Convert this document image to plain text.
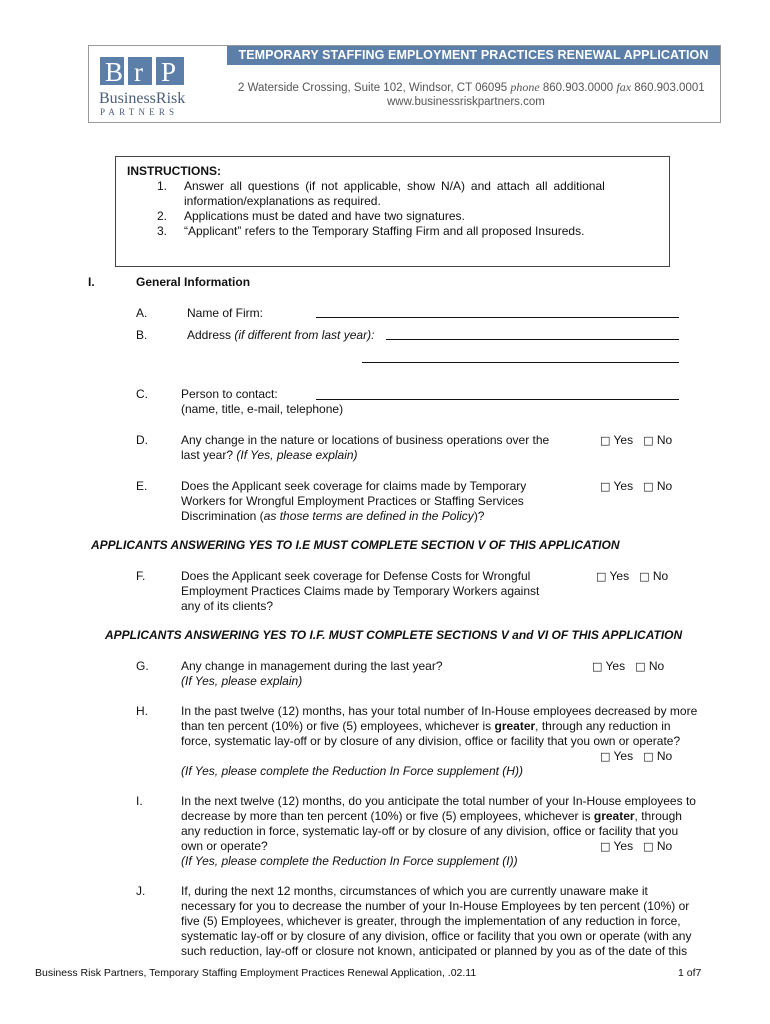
TEMPORARY STAFFING EMPLOYMENT PRACTICES RENEWAL APPLICATION
B r P
BusinessRisk
PARTNERS
2 Waterside Crossing, Suite 102, Windsor, CT 06095 phone 860.903.0000 fax 860.903.0001
www.businessriskpartners.com
INSTRUCTIONS:
1. Answer all questions (if not applicable, show N/A) and attach all additional
information/explanations as required.
2. Applications must be dated and have two signatures.
3. “Applicant” refers to the Temporary Staffing Firm and all proposed Insureds.
I.	General Information
A.	Name of Firm:
B.	Address (if different from last year):
C.	Person to contact:
(name, title, e-mail, telephone)
D.	Any change in the nature or locations of business operations over the
last year? (If Yes, please explain)
□ Yes □ No
E.	Does the Applicant seek coverage for claims made by Temporary
Workers for Wrongful Employment Practices or Staffing Services
Discrimination (as those terms are defined in the Policy)?
□ Yes □ No
APPLICANTS ANSWERING YES TO I.E MUST COMPLETE SECTION V OF THIS APPLICATION
F.	Does the Applicant seek coverage for Defense Costs for Wrongful
Employment Practices Claims made by Temporary Workers against
any of its clients?
□ Yes □ No
APPLICANTS ANSWERING YES TO I.F. MUST COMPLETE SECTIONS V and VI OF THIS APPLICATION
G.	Any change in management during the last year?
(If Yes, please explain)
□ Yes □ No
H.	In the past twelve (12) months, has your total number of In-House employees decreased by more
than ten percent (10%) or five (5) employees, whichever is greater, through any reduction in
force, systematic lay-off or by closure of any division, office or facility that you own or operate?
□ Yes □ No
(If Yes, please complete the Reduction In Force supplement (H))
I.	In the next twelve (12) months, do you anticipate the total number of your In-House employees to
decrease by more than ten percent (10%) or five (5) employees, whichever is greater, through
any reduction in force, systematic lay-off or by closure of any division, office or facility that you
own or operate?	□ Yes □ No
(If Yes, please complete the Reduction In Force supplement (I))
J.	If, during the next 12 months, circumstances of which you are currently unaware make it
necessary for you to decrease the number of your In-House Employees by ten percent (10%) or
five (5) Employees, whichever is greater, through the implementation of any reduction in force,
systematic lay-off or by closure of any division, office or facility that you own or operate (with any
such reduction, lay-off or closure not known, anticipated or planned by you as of the date of this
Business Risk Partners, Temporary Staffing Employment Practices Renewal Application, .02.11	1 of7
